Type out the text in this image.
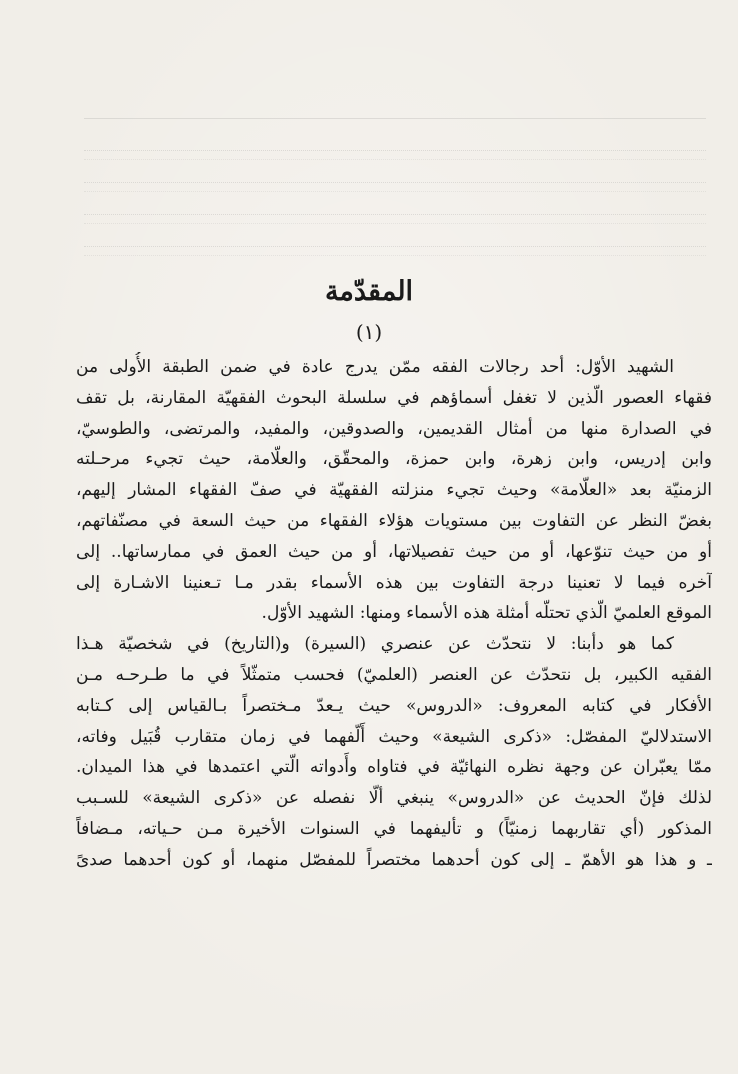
المقدّمة
(١)
الشهيد الأوّل: أحد رجالات الفقه ممّن يدرج عادة في ضمن الطبقة الأُولى من
فقهاء العصور الّذين لا تغفل أسماؤهم في سلسلة البحوث الفقهيّة المقارنة، بل تقف
في الصدارة منها من أمثال القديمين، والصدوقين، والمفيد، والمرتضى، والطوسيّ،
وابن إدريس، وابن زهرة، وابن حمزة، والمحقّق، والعلّامة، حيث تجيء مرحـلته
الزمنيّة بعد «العلّامة» وحيث تجيء منزلته الفقهيّة في صفّ الفقهاء المشار إليهم،
بغضّ النظر عن التفاوت بين مستويات هؤلاء الفقهاء من حيث السعة في مصنّفاتهم،
أو من حيث تنوّعها، أو من حيث تفصيلاتها، أو من حيث العمق في ممارساتها.. إلى
آخره فيما لا تعنينا درجة التفاوت بين هذه الأسماء بقدر مـا تـعنينا الاشـارة إلى
الموقع العلميّ الّذي تحتلّه أمثلة هذه الأسماء ومنها: الشهيد الأوّل.
كما هو دأبنا: لا نتحدّث عن عنصري (السيرة) و(التاريخ) في شخصيّة هـذا
الفقيه الكبير، بل نتحدّث عن العنصر (العلميّ) فحسب متمثّلاً في ما طـرحـه مـن
الأفكار في كتابه المعروف: «الدروس» حيث يـعدّ مـختصراً بـالقياس إلى كـتابه
الاستدلاليّ المفصّل: «ذكرى الشيعة» وحيث أَلّفهما في زمان متقارب قُبَيل وفاته،
ممّا يعبّران عن وجهة نظره النهائيّة في فتاواه وأَدواته الّتي اعتمدها في هذا الميدان.
لذلك فإنّ الحديث عن «الدروس» ينبغي ألّا نفصله عن «ذكرى الشيعة» للسـبب
المذكور (أي تقاربهما زمنيّاً) و تأليفهما في السنوات الأخيرة مـن حـياته، مـضافاً
ـ و هذا هو الأهمّ ـ إلى كون أحدهما مختصراً للمفصّل منهما، أو كون أحدهما صدىً
